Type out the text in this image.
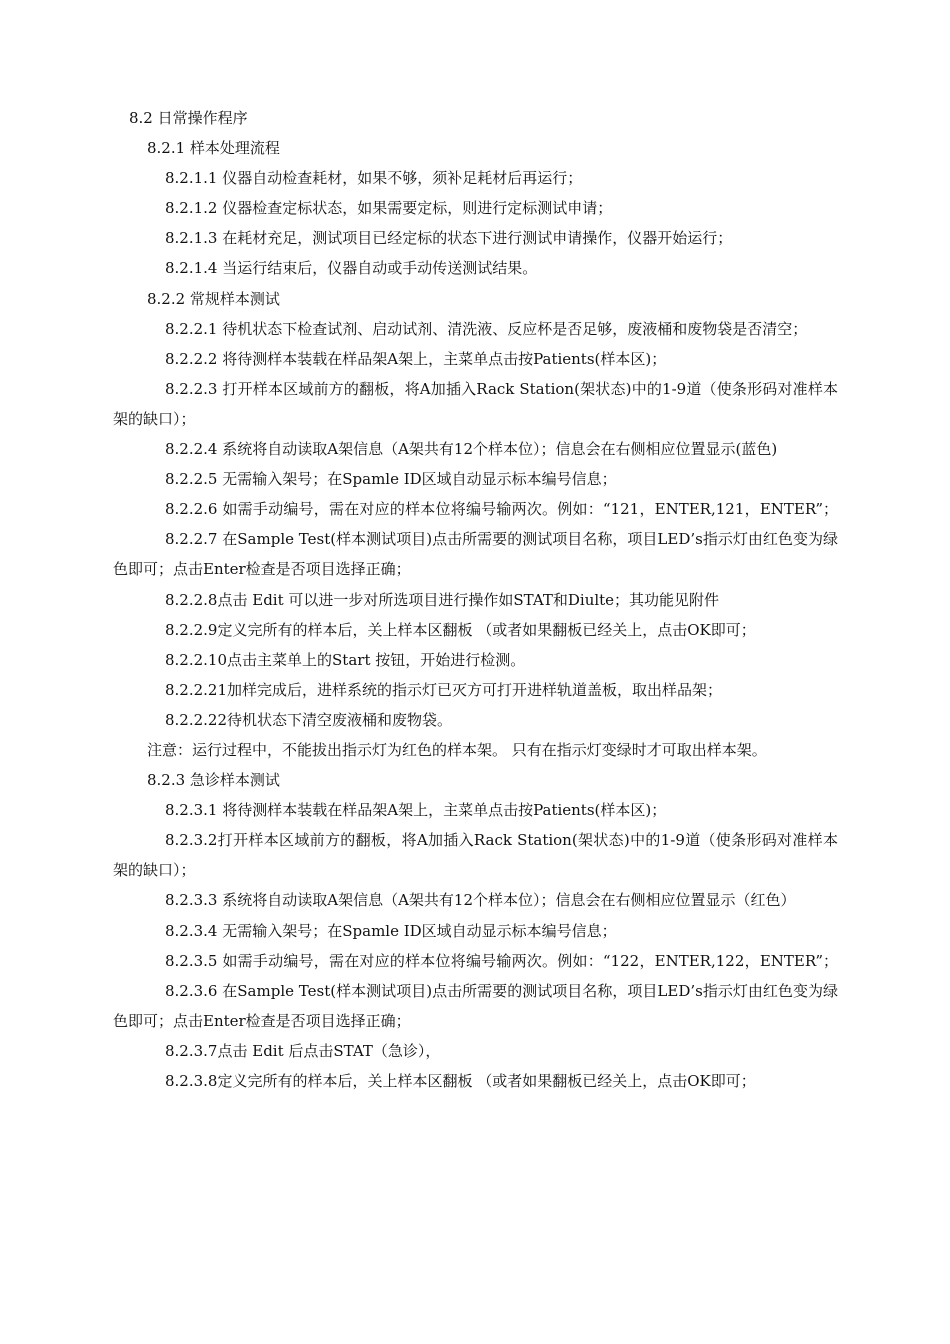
8.2 日常操作程序

8.2.1 样本处理流程

8.2.1.1 仪器自动检查耗材，如果不够，须补足耗材后再运行；

8.2.1.2 仪器检查定标状态，如果需要定标，则进行定标测试申请；

8.2.1.3 在耗材充足，测试项目已经定标的状态下进行测试申请操作，仪器开始运行；

8.2.1.4 当运行结束后，仪器自动或手动传送测试结果。

8.2.2 常规样本测试

8.2.2.1 待机状态下检查试剂、启动试剂、清洗液、反应杯是否足够，废液桶和废物袋是否清空；

8.2.2.2 将待测样本装载在样品架A架上，主菜单点击按Patients(样本区)；

8.2.2.3 打开样本区域前方的翻板，将A加插入Rack Station(架状态)中的1-9道（使条形码对准样本架的缺口）；

8.2.2.4 系统将自动读取A架信息（A架共有12个样本位）；信息会在右侧相应位置显示(蓝色)

8.2.2.5 无需输入架号；在Spamle ID区域自动显示标本编号信息；

8.2.2.6 如需手动编号，需在对应的样本位将编号输两次。例如：“121，ENTER,121，ENTER”；

8.2.2.7 在Sample Test(样本测试项目)点击所需要的测试项目名称，项目LED’s指示灯由红色变为绿色即可；点击Enter检查是否项目选择正确；

8.2.2.8点击 Edit 可以进一步对所选项目进行操作如STAT和Diulte；其功能见附件

8.2.2.9定义完所有的样本后，关上样本区翻板 （或者如果翻板已经关上，点击OK即可；

8.2.2.10点击主菜单上的Start 按钮，开始进行检测。

8.2.2.21加样完成后，进样系统的指示灯已灭方可打开进样轨道盖板，取出样品架；

8.2.2.22待机状态下清空废液桶和废物袋。

注意：运行过程中，不能拔出指示灯为红色的样本架。 只有在指示灯变绿时才可取出样本架。

8.2.3 急诊样本测试

8.2.3.1 将待测样本装载在样品架A架上，主菜单点击按Patients(样本区)；

8.2.3.2打开样本区域前方的翻板，将A加插入Rack Station(架状态)中的1-9道（使条形码对准样本架的缺口）；

8.2.3.3 系统将自动读取A架信息（A架共有12个样本位）；信息会在右侧相应位置显示（红色）

8.2.3.4 无需输入架号；在Spamle ID区域自动显示标本编号信息；

8.2.3.5 如需手动编号，需在对应的样本位将编号输两次。例如：“122，ENTER,122，ENTER”；

8.2.3.6 在Sample Test(样本测试项目)点击所需要的测试项目名称，项目LED’s指示灯由红色变为绿色即可；点击Enter检查是否项目选择正确；

8.2.3.7点击 Edit 后点击STAT（急诊），

8.2.3.8定义完所有的样本后，关上样本区翻板 （或者如果翻板已经关上，点击OK即可；
